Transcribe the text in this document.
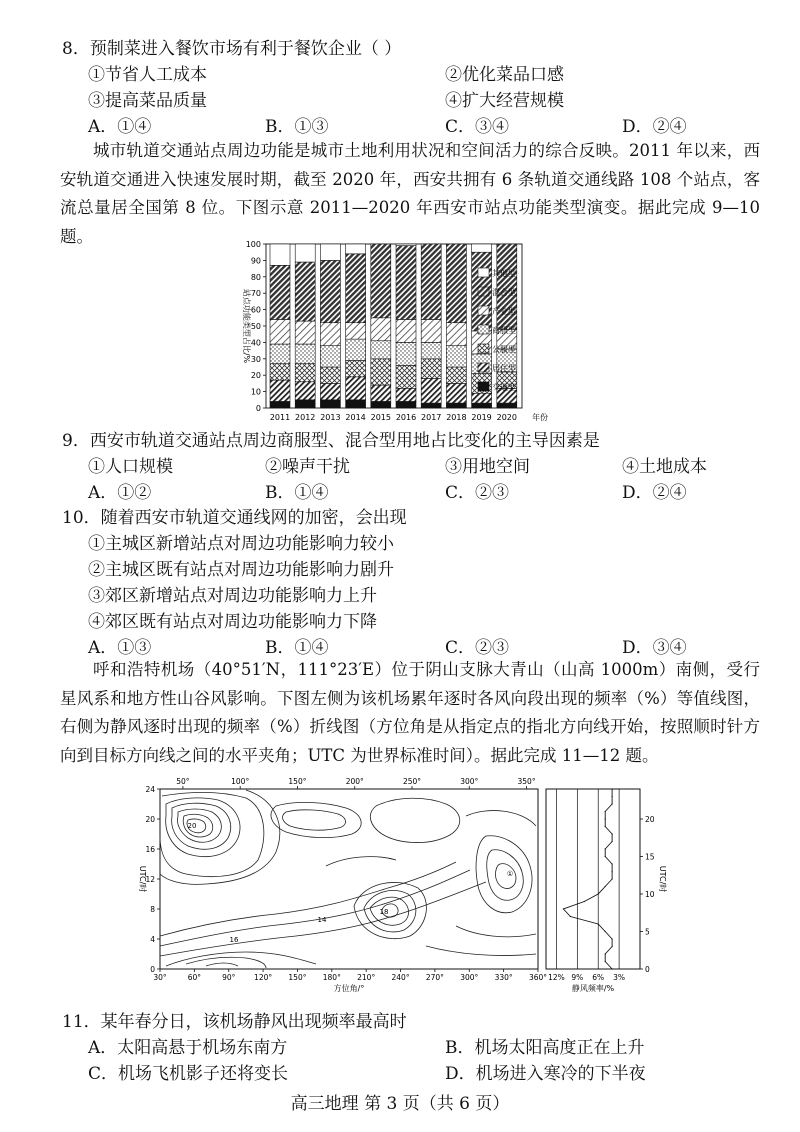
8．预制菜进入餐饮市场有利于餐饮企业（ ）
①节省人工成本	②优化菜品口感
③提高菜品质量	④扩大经营规模
A．①④	B．①③	C．③④	D．②④
城市轨道交通站点周边功能是城市土地利用状况和空间活力的综合反映。2011 年以来，西安轨道交通进入快速发展时期，截至 2020 年，西安共拥有 6 条轨道交通线路 108 个站点，客流总量居全国第 8 位。下图示意 2011—2020 年西安市站点功能类型演变。据此完成 9—10 题。
0
10
20
30
40
50
60
70
80
90
100
站点功能类型占比/%
2011 2012 2013 2014 2015 2016 2017 2018 2019 2020 年份
其他型
混合型
产业型
商服型
公服型
居住型
交通型
9．西安市轨道交通站点周边商服型、混合型用地占比变化的主导因素是
①人口规模	②噪声干扰	③用地空间	④土地成本
A．①②	B．①④	C．②③	D．②④
10．随着西安市轨道交通线网的加密，会出现
①主城区新增站点对周边功能影响力较小
②主城区既有站点对周边功能影响力剧升
③郊区新增站点对周边功能影响力上升
④郊区既有站点对周边功能影响力下降
A．①③	B．①④	C．②③	D．③④
呼和浩特机场（40°51′N，111°23′E）位于阴山支脉大青山（山高 1000m）南侧，受行星风系和地方性山谷风影响。下图左侧为该机场累年逐时各风向段出现的频率（%）等值线图，右侧为静风逐时出现的频率（%）折线图（方位角是从指定点的指北方向线开始，按照顺时针方向到目标方向线之间的水平夹角；UTC 为世界标准时间）。据此完成 11—12 题。
30°	60°	90° 120° 150° 180° 210° 240° 270° 300° 330° 360°
方位角/°
50°	100°	150°	200°	250°	300°	350°
0
4
8
12
16
20
24
UTC/时
20
16
14
18
①
12% 9% 6% 3%
静风频率/%
0
5
10
15
20
UTC/时
11．某年春分日，该机场静风出现频率最高时
A．太阳高悬于机场东南方	B．机场太阳高度正在上升
C．机场飞机影子还将变长	D．机场进入寒冷的下半夜
高三地理 第 3 页（共 6 页）
